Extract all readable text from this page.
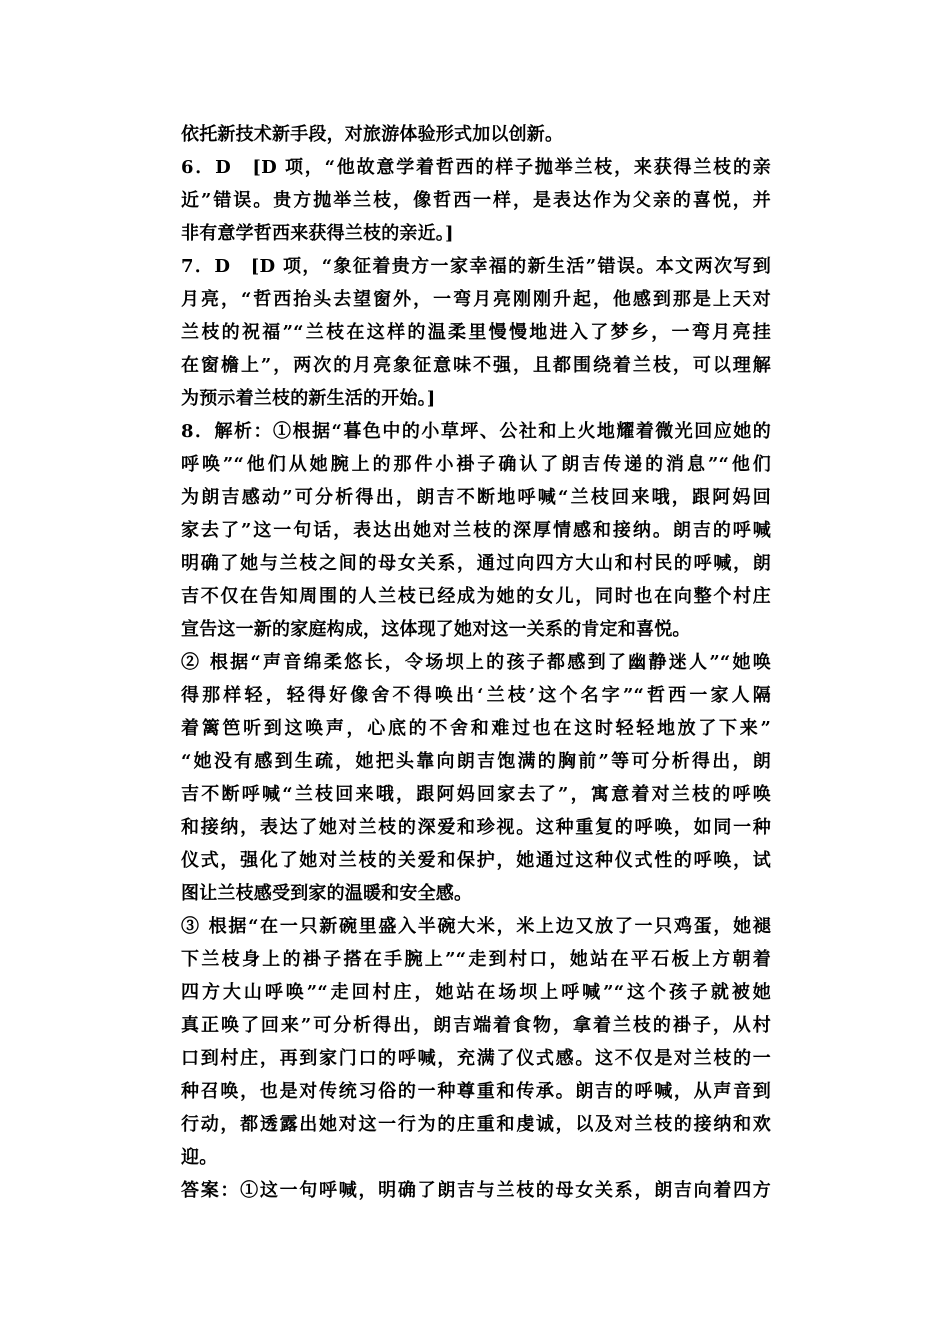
依托新技术新手段，对旅游体验形式加以创新。
6．D　[D 项，“他故意学着哲西的样子抛举兰枝，来获得兰枝的亲
近”错误。贵方抛举兰枝，像哲西一样，是表达作为父亲的喜悦，并
非有意学哲西来获得兰枝的亲近。]
7．D　[D 项，“象征着贵方一家幸福的新生活”错误。本文两次写到
月亮，“哲西抬头去望窗外，一弯月亮刚刚升起，他感到那是上天对
兰枝的祝福”“兰枝在这样的温柔里慢慢地进入了梦乡，一弯月亮挂
在窗檐上”，两次的月亮象征意味不强，且都围绕着兰枝，可以理解
为预示着兰枝的新生活的开始。]
8．解析：①根据“暮色中的小草坪、公社和上火地耀着微光回应她的
呼唤”“他们从她腕上的那件小褂子确认了朗吉传递的消息”“他们
为朗吉感动”可分析得出，朗吉不断地呼喊“兰枝回来哦，跟阿妈回
家去了”这一句话，表达出她对兰枝的深厚情感和接纳。朗吉的呼喊
明确了她与兰枝之间的母女关系，通过向四方大山和村民的呼喊，朗
吉不仅在告知周围的人兰枝已经成为她的女儿，同时也在向整个村庄
宣告这一新的家庭构成，这体现了她对这一关系的肯定和喜悦。
② 根据“声音绵柔悠长，令场坝上的孩子都感到了幽静迷人”“她唤
得那样轻，轻得好像舍不得唤出‘兰枝’这个名字”“哲西一家人隔
着篱笆听到这唤声，心底的不舍和难过也在这时轻轻地放了下来”
“她没有感到生疏，她把头靠向朗吉饱满的胸前”等可分析得出，朗
吉不断呼喊“兰枝回来哦，跟阿妈回家去了”，寓意着对兰枝的呼唤
和接纳，表达了她对兰枝的深爱和珍视。这种重复的呼唤，如同一种
仪式，强化了她对兰枝的关爱和保护，她通过这种仪式性的呼唤，试
图让兰枝感受到家的温暖和安全感。
③ 根据“在一只新碗里盛入半碗大米，米上边又放了一只鸡蛋，她褪
下兰枝身上的褂子搭在手腕上”“走到村口，她站在平石板上方朝着
四方大山呼唤”“走回村庄，她站在场坝上呼喊”“这个孩子就被她
真正唤了回来”可分析得出，朗吉端着食物，拿着兰枝的褂子，从村
口到村庄，再到家门口的呼喊，充满了仪式感。这不仅是对兰枝的一
种召唤，也是对传统习俗的一种尊重和传承。朗吉的呼喊，从声音到
行动，都透露出她对这一行为的庄重和虔诚，以及对兰枝的接纳和欢
迎。
答案：①这一句呼喊，明确了朗吉与兰枝的母女关系，朗吉向着四方
